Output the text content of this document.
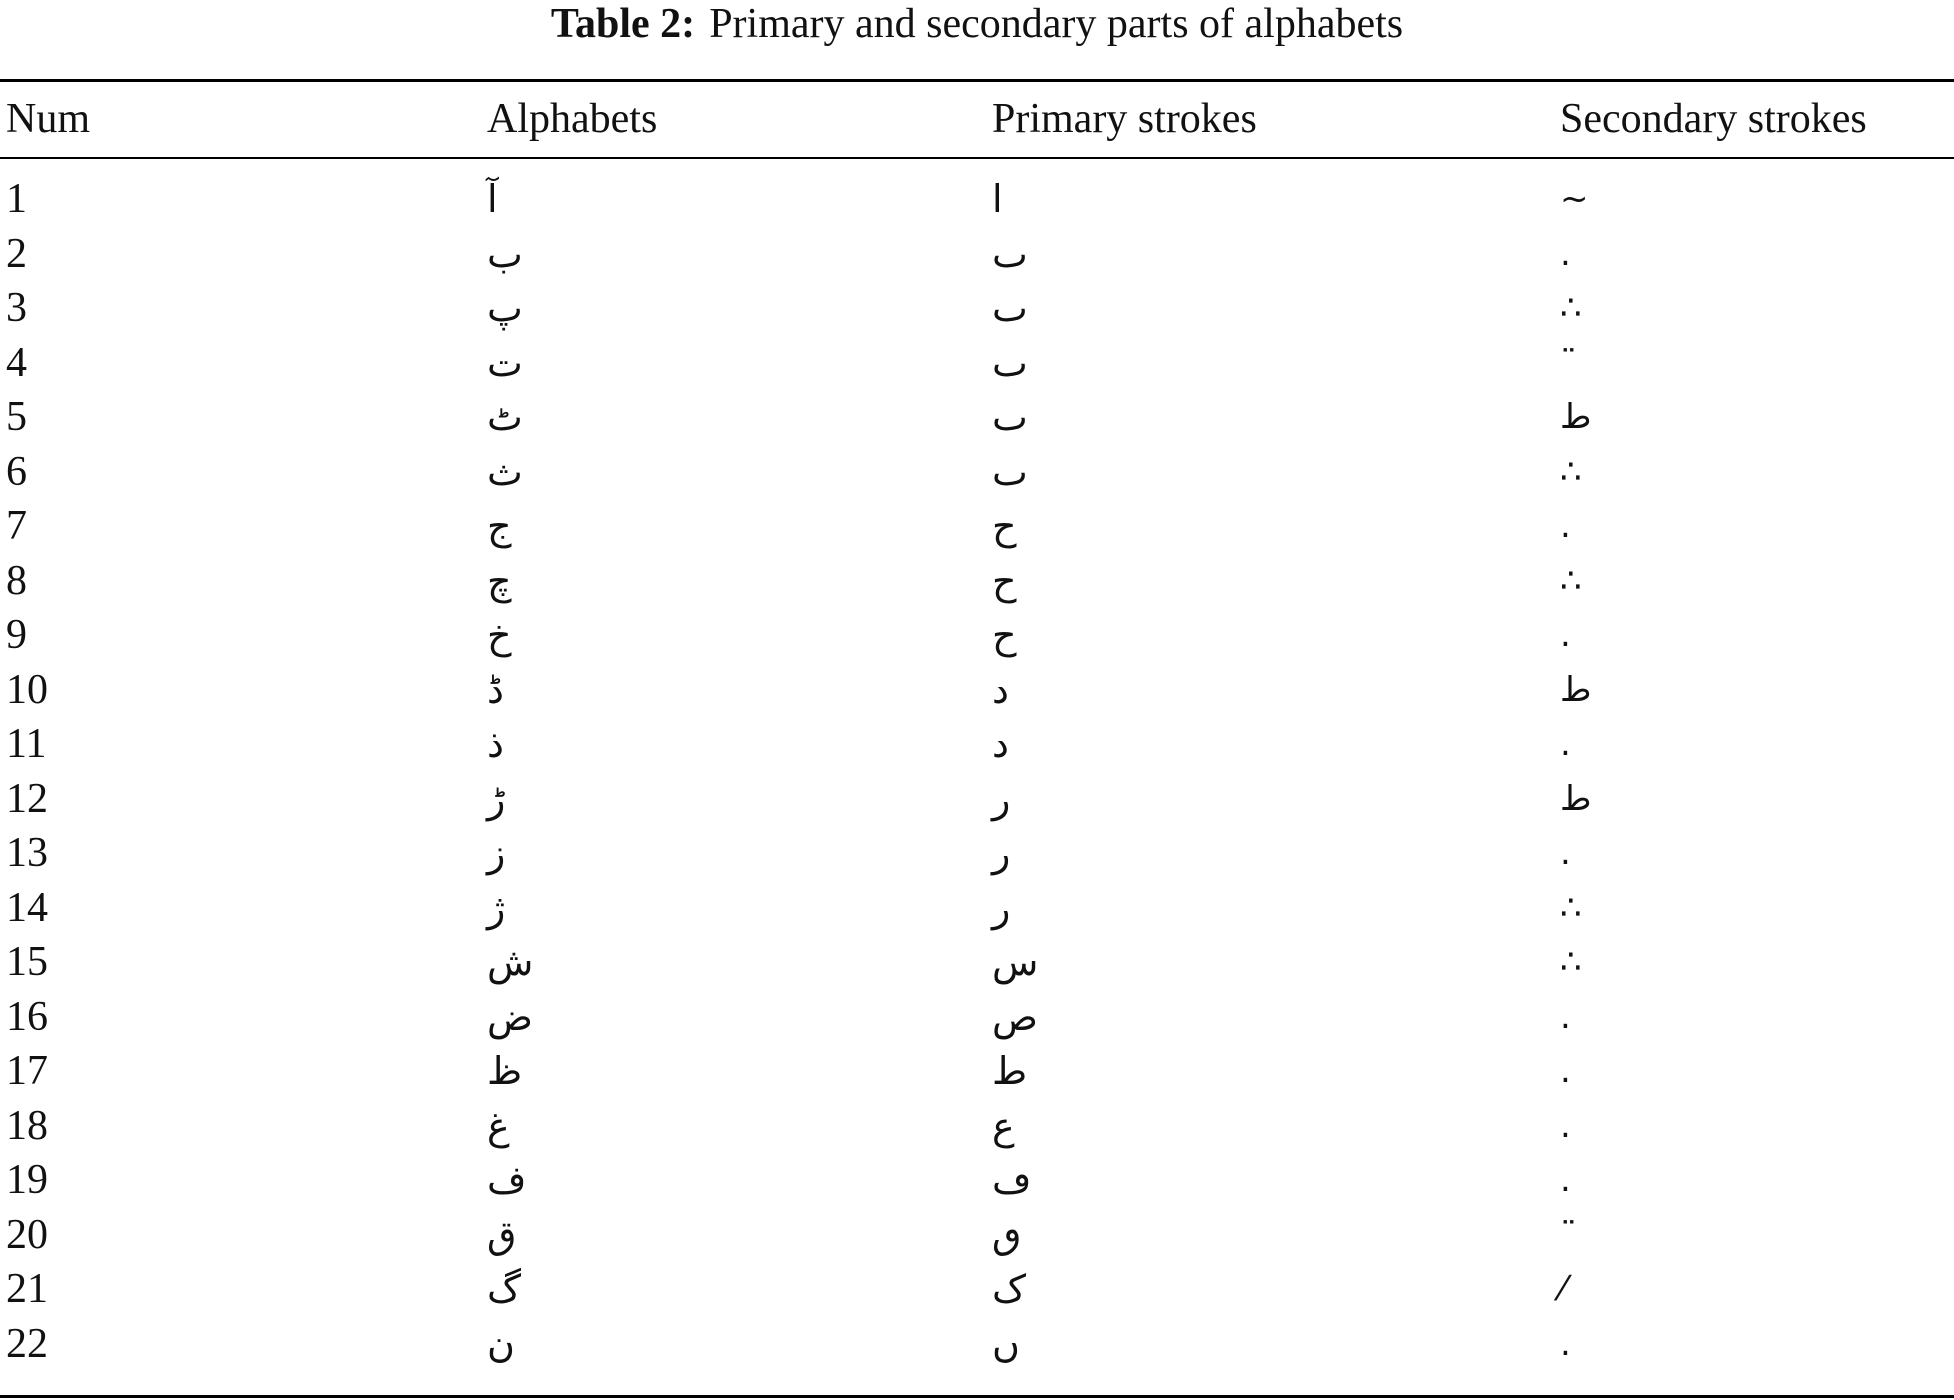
Table 2: Primary and secondary parts of alphabets
Num	Alphabets	Primary strokes	Secondary strokes
1	آ	ا	~
2	ب	ٮ	.
3	پ	ٮ	∴
4	ت	ٮ	¨
5	ٹ	ٮ	ط
6	ث	ٮ	∴
7	ج	ح	.
8	چ	ح	∴
9	خ	ح	.
10	ڈ	د	ط
11	ذ	د	.
12	ڑ	ر	ط
13	ز	ر	.
14	ژ	ر	∴
15	ش	س	∴
16	ض	ص	.
17	ظ	ط	.
18	غ	ع	.
19	ف	ڡ	.
20	ق	ٯ	¨
21	گ	ک	⁄
22	ن	ں	.
